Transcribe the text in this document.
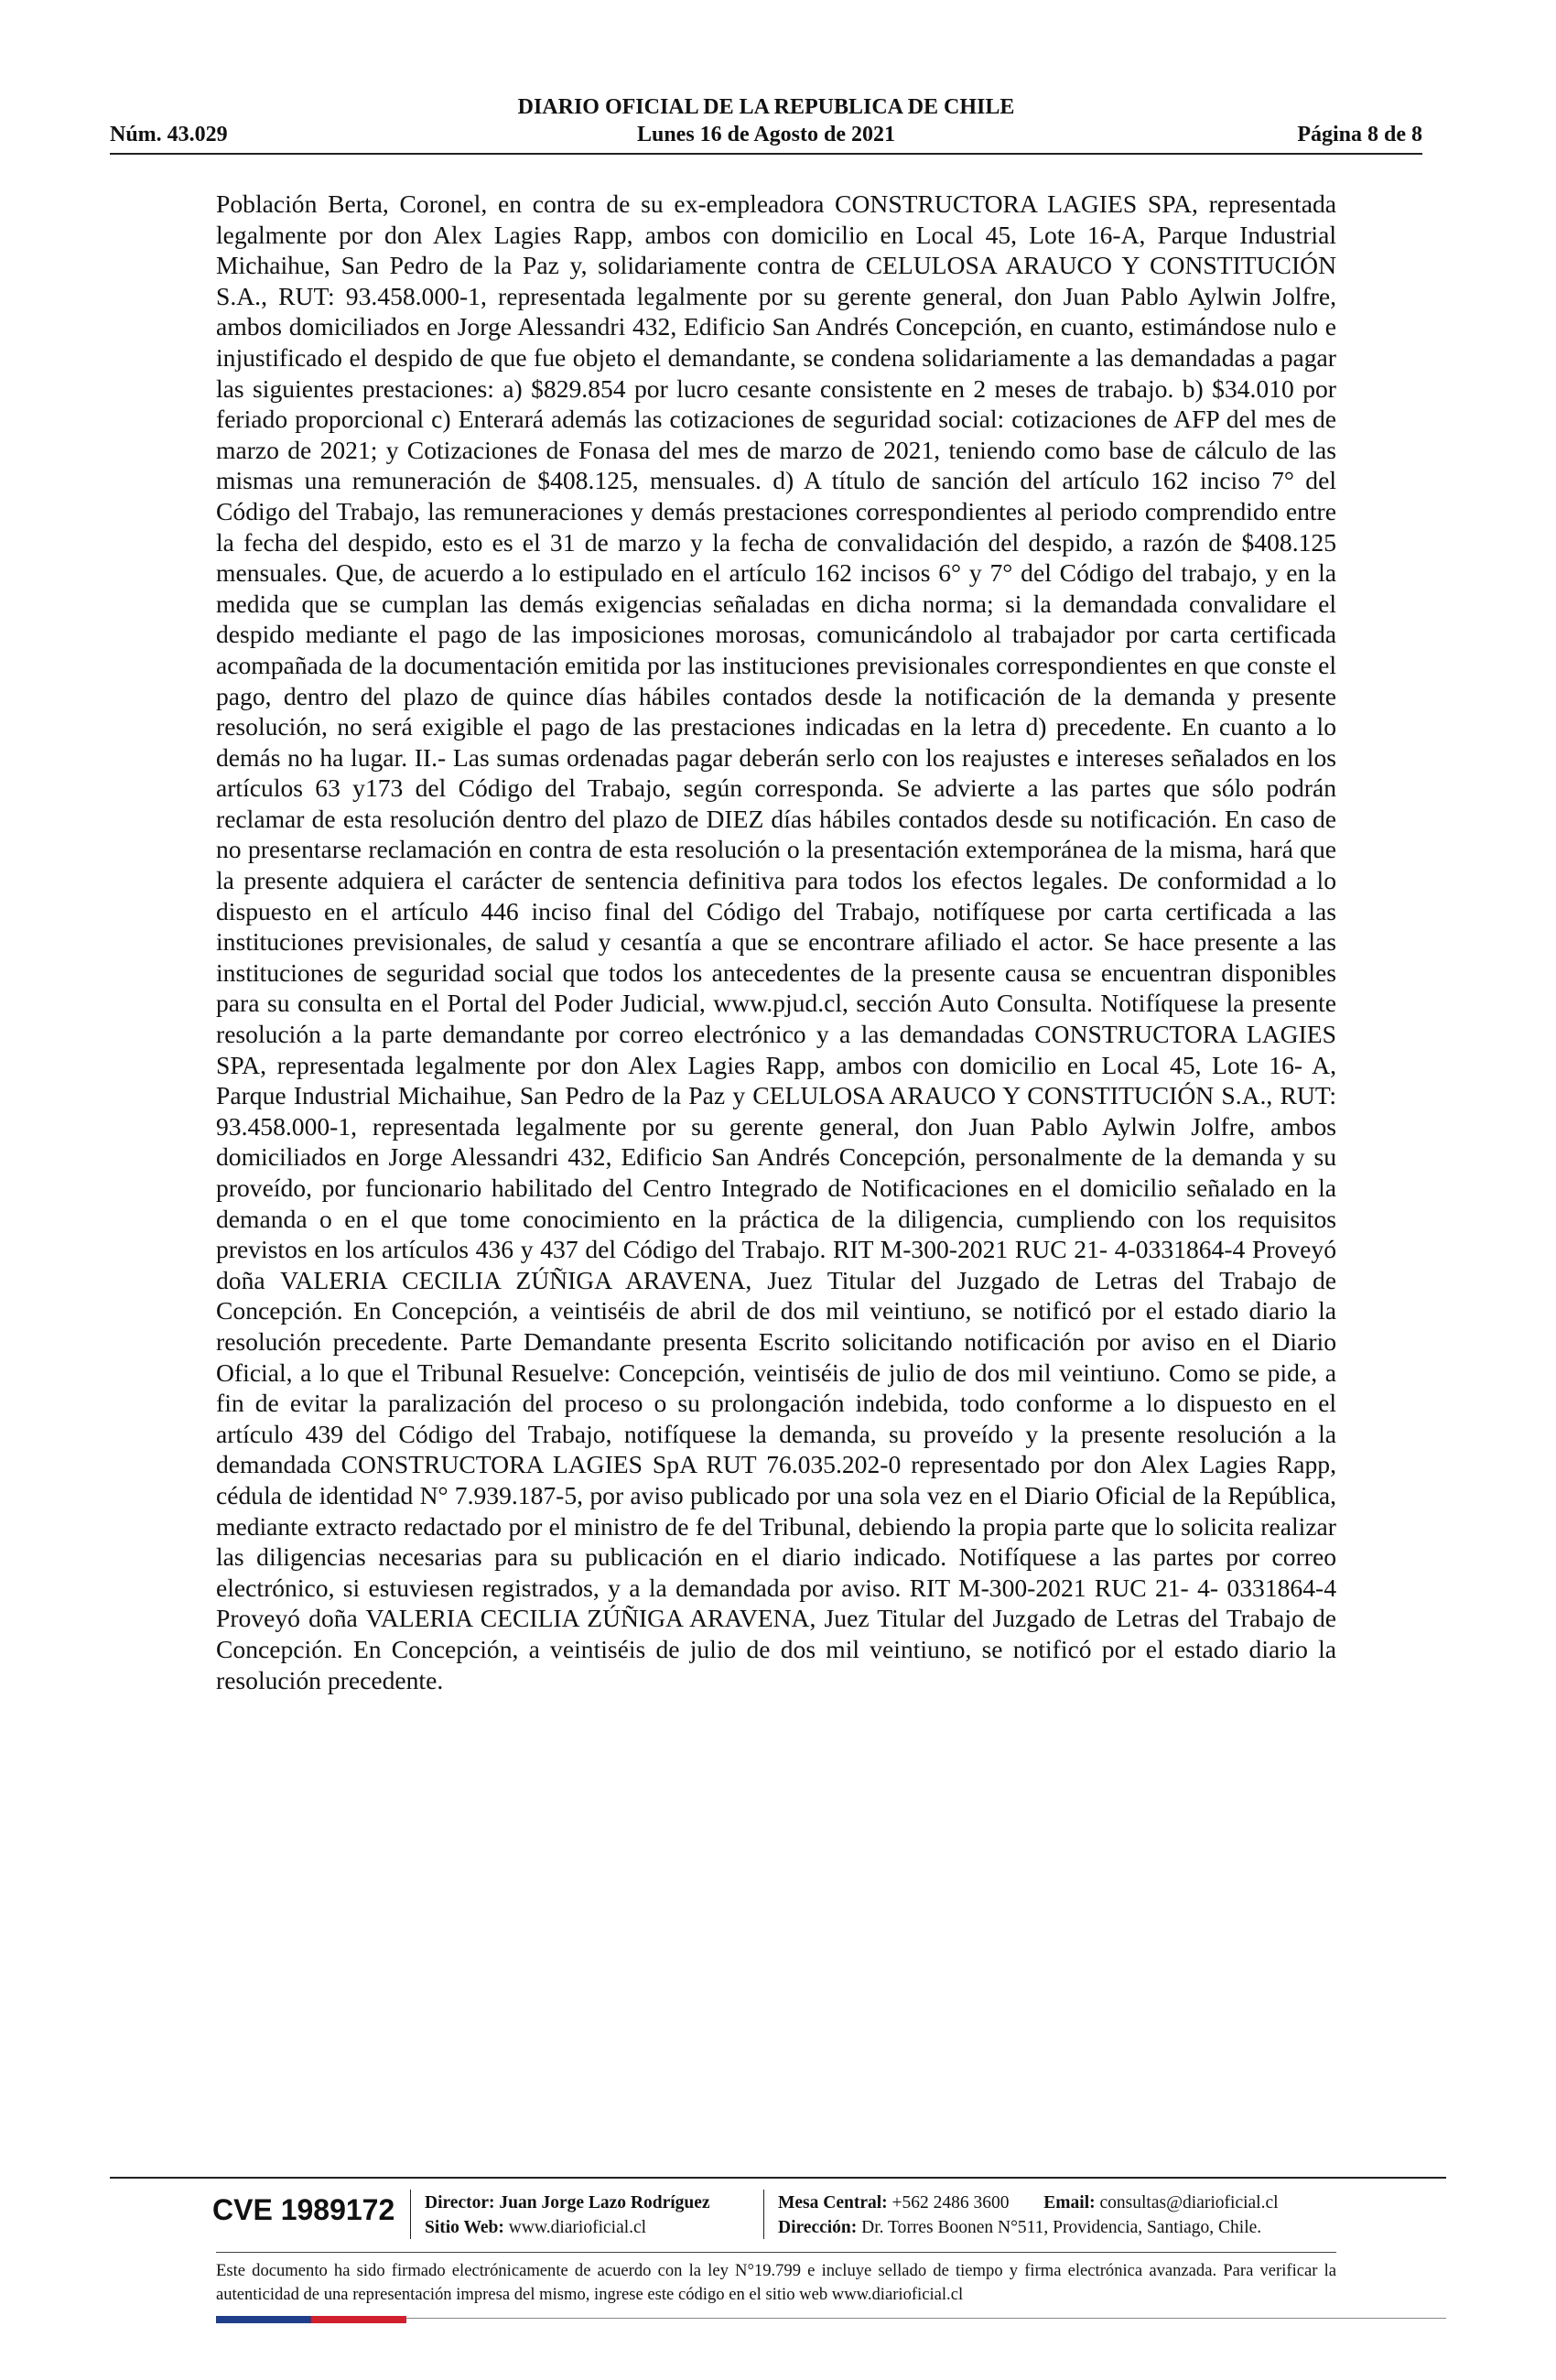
DIARIO OFICIAL DE LA REPUBLICA DE CHILE
Núm. 43.029	Lunes 16 de Agosto de 2021	Página 8 de 8

Población Berta, Coronel, en contra de su ex-empleadora CONSTRUCTORA LAGIES SPA, representada legalmente por don Alex Lagies Rapp, ambos con domicilio en Local 45, Lote 16-A, Parque Industrial Michaihue, San Pedro de la Paz y, solidariamente contra de CELULOSA ARAUCO Y CONSTITUCIÓN S.A., RUT: 93.458.000-1, representada legalmente por su gerente general, don Juan Pablo Aylwin Jolfre, ambos domiciliados en Jorge Alessandri 432, Edificio San Andrés Concepción, en cuanto, estimándose nulo e injustificado el despido de que fue objeto el demandante, se condena solidariamente a las demandadas a pagar las siguientes prestaciones: a) $829.854 por lucro cesante consistente en 2 meses de trabajo. b) $34.010 por feriado proporcional c) Enterará además las cotizaciones de seguridad social: cotizaciones de AFP del mes de marzo de 2021; y Cotizaciones de Fonasa del mes de marzo de 2021, teniendo como base de cálculo de las mismas una remuneración de $408.125, mensuales. d) A título de sanción del artículo 162 inciso 7° del Código del Trabajo, las remuneraciones y demás prestaciones correspondientes al periodo comprendido entre la fecha del despido, esto es el 31 de marzo y la fecha de convalidación del despido, a razón de $408.125 mensuales. Que, de acuerdo a lo estipulado en el artículo 162 incisos 6° y 7° del Código del trabajo, y en la medida que se cumplan las demás exigencias señaladas en dicha norma; si la demandada convalidare el despido mediante el pago de las imposiciones morosas, comunicándolo al trabajador por carta certificada acompañada de la documentación emitida por las instituciones previsionales correspondientes en que conste el pago, dentro del plazo de quince días hábiles contados desde la notificación de la demanda y presente resolución, no será exigible el pago de las prestaciones indicadas en la letra d) precedente. En cuanto a lo demás no ha lugar. II.- Las sumas ordenadas pagar deberán serlo con los reajustes e intereses señalados en los artículos 63 y173 del Código del Trabajo, según corresponda. Se advierte a las partes que sólo podrán reclamar de esta resolución dentro del plazo de DIEZ días hábiles contados desde su notificación. En caso de no presentarse reclamación en contra de esta resolución o la presentación extemporánea de la misma, hará que la presente adquiera el carácter de sentencia definitiva para todos los efectos legales. De conformidad a lo dispuesto en el artículo 446 inciso final del Código del Trabajo, notifíquese por carta certificada a las instituciones previsionales, de salud y cesantía a que se encontrare afiliado el actor. Se hace presente a las instituciones de seguridad social que todos los antecedentes de la presente causa se encuentran disponibles para su consulta en el Portal del Poder Judicial, www.pjud.cl, sección Auto Consulta. Notifíquese la presente resolución a la parte demandante por correo electrónico y a las demandadas CONSTRUCTORA LAGIES SPA, representada legalmente por don Alex Lagies Rapp, ambos con domicilio en Local 45, Lote 16- A, Parque Industrial Michaihue, San Pedro de la Paz y CELULOSA ARAUCO Y CONSTITUCIÓN S.A., RUT: 93.458.000-1, representada legalmente por su gerente general, don Juan Pablo Aylwin Jolfre, ambos domiciliados en Jorge Alessandri 432, Edificio San Andrés Concepción, personalmente de la demanda y su proveído, por funcionario habilitado del Centro Integrado de Notificaciones en el domicilio señalado en la demanda o en el que tome conocimiento en la práctica de la diligencia, cumpliendo con los requisitos previstos en los artículos 436 y 437 del Código del Trabajo. RIT M-300-2021 RUC 21- 4-0331864-4 Proveyó doña VALERIA CECILIA ZÚÑIGA ARAVENA, Juez Titular del Juzgado de Letras del Trabajo de Concepción. En Concepción, a veintiséis de abril de dos mil veintiuno, se notificó por el estado diario la resolución precedente. Parte Demandante presenta Escrito solicitando notificación por aviso en el Diario Oficial, a lo que el Tribunal Resuelve: Concepción, veintiséis de julio de dos mil veintiuno. Como se pide, a fin de evitar la paralización del proceso o su prolongación indebida, todo conforme a lo dispuesto en el artículo 439 del Código del Trabajo, notifíquese la demanda, su proveído y la presente resolución a la demandada CONSTRUCTORA LAGIES SpA RUT 76.035.202-0 representado por don Alex Lagies Rapp, cédula de identidad N° 7.939.187-5, por aviso publicado por una sola vez en el Diario Oficial de la República, mediante extracto redactado por el ministro de fe del Tribunal, debiendo la propia parte que lo solicita realizar las diligencias necesarias para su publicación en el diario indicado. Notifíquese a las partes por correo electrónico, si estuviesen registrados, y a la demandada por aviso. RIT M-300-2021 RUC 21- 4- 0331864-4 Proveyó doña VALERIA CECILIA ZÚÑIGA ARAVENA, Juez Titular del Juzgado de Letras del Trabajo de Concepción. En Concepción, a veintiséis de julio de dos mil veintiuno, se notificó por el estado diario la resolución precedente.

CVE 1989172 Director: Juan Jorge Lazo Rodríguez
Sitio Web: www.diarioficial.cl
Mesa Central: +562 2486 3600 Email: consultas@diarioficial.cl
Dirección: Dr. Torres Boonen N°511, Providencia, Santiago, Chile.

Este documento ha sido firmado electrónicamente de acuerdo con la ley N°19.799 e incluye sellado de tiempo y firma electrónica avanzada. Para verificar la autenticidad de una representación impresa del mismo, ingrese este código en el sitio web www.diarioficial.cl
